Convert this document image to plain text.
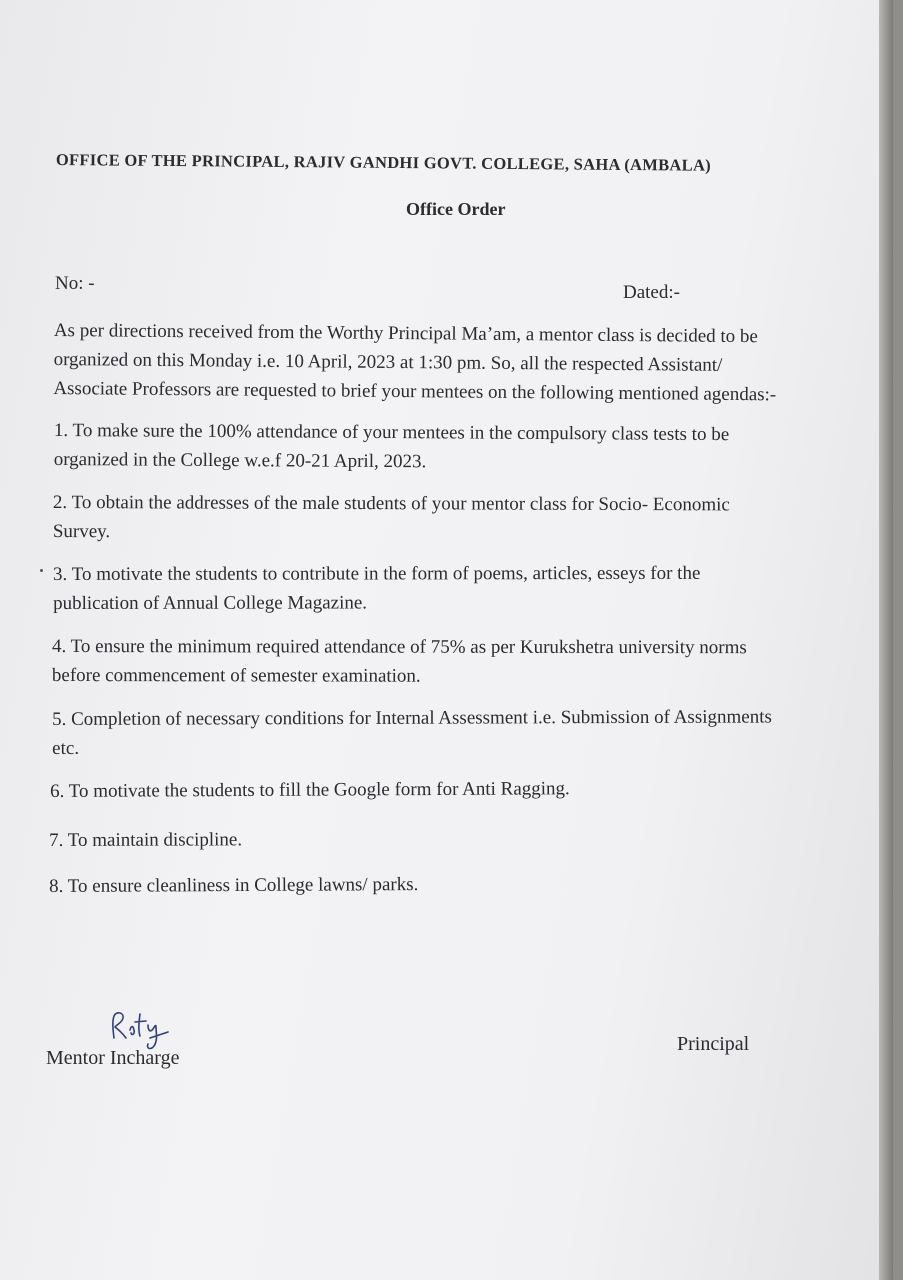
OFFICE OF THE PRINCIPAL, RAJIV GANDHI GOVT. COLLEGE, SAHA (AMBALA)
Office Order
No: -	Dated:-

As per directions received from the Worthy Principal Ma’am, a mentor class is decided to be

organized on this Monday i.e. 10 April, 2023 at 1:30 pm. So, all the respected Assistant/

Associate Professors are requested to brief your mentees on the following mentioned agendas:-

1. To make sure the 100% attendance of your mentees in the compulsory class tests to be

organized in the College w.e.f 20-21 April, 2023.

2. To obtain the addresses of the male students of your mentor class for Socio- Economic

Survey.

3. To motivate the students to contribute in the form of poems, articles, esseys for the

publication of Annual College Magazine.

4. To ensure the minimum required attendance of 75% as per Kurukshetra university norms

before commencement of semester examination.

5. Completion of necessary conditions for Internal Assessment i.e. Submission of Assignments

etc.

6. To motivate the students to fill the Google form for Anti Ragging.

7. To maintain discipline.

8. To ensure cleanliness in College lawns/ parks.

Mentor Incharge
Principal
